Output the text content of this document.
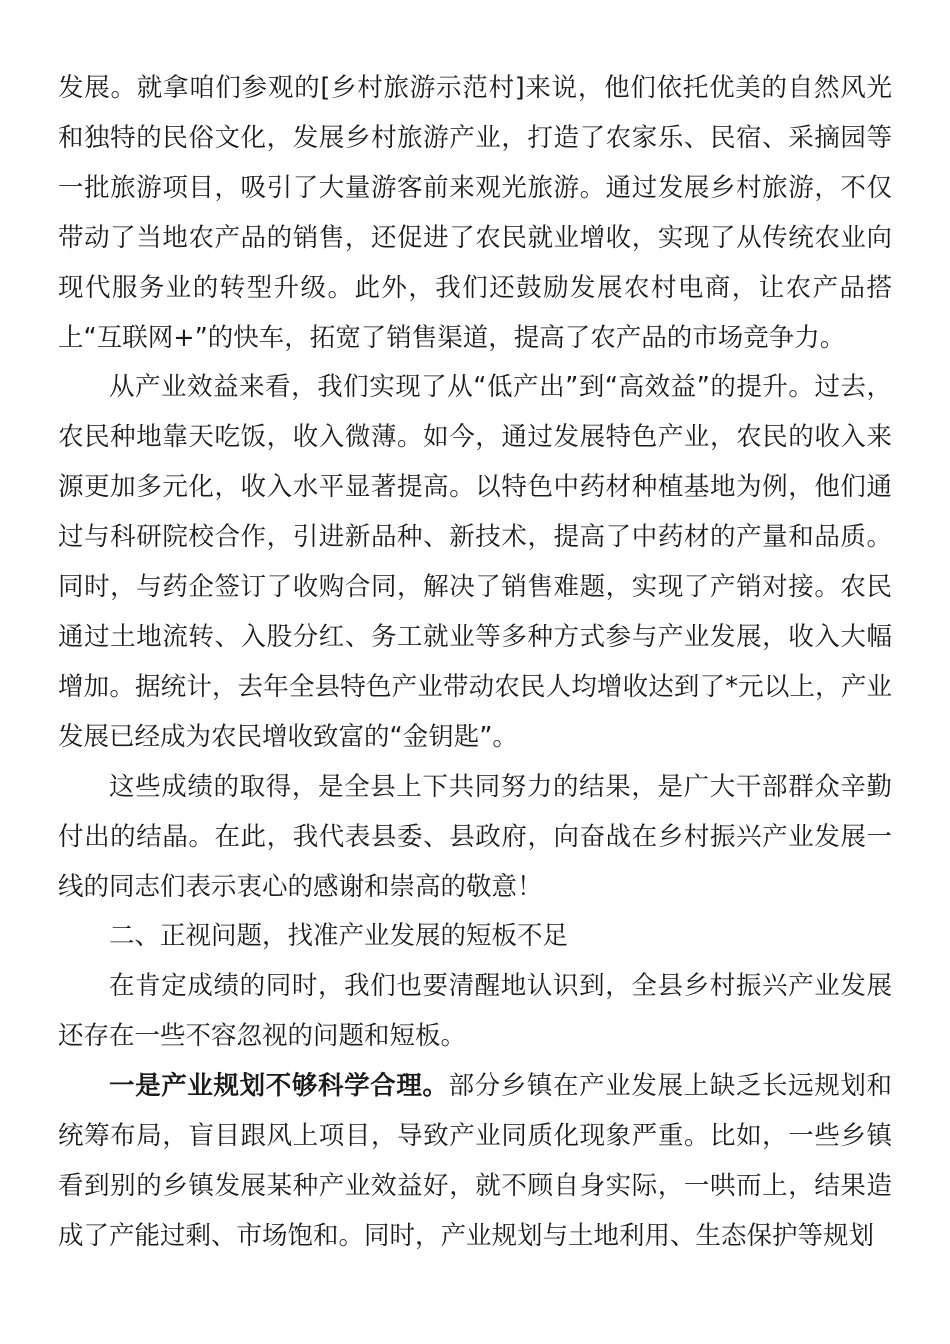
发展。就拿咱们参观的[乡村旅游示范村]来说，他们依托优美的自然风光和独特的民俗文化，发展乡村旅游产业，打造了农家乐、民宿、采摘园等一批旅游项目，吸引了大量游客前来观光旅游。通过发展乡村旅游，不仅带动了当地农产品的销售，还促进了农民就业增收，实现了从传统农业向现代服务业的转型升级。此外，我们还鼓励发展农村电商，让农产品搭上“互联网+”的快车，拓宽了销售渠道，提高了农产品的市场竞争力。

从产业效益来看，我们实现了从“低产出”到“高效益”的提升。过去，农民种地靠天吃饭，收入微薄。如今，通过发展特色产业，农民的收入来源更加多元化，收入水平显著提高。以特色中药材种植基地为例，他们通过与科研院校合作，引进新品种、新技术，提高了中药材的产量和品质。同时，与药企签订了收购合同，解决了销售难题，实现了产销对接。农民通过土地流转、入股分红、务工就业等多种方式参与产业发展，收入大幅增加。据统计，去年全县特色产业带动农民人均增收达到了*元以上，产业发展已经成为农民增收致富的“金钥匙”。

这些成绩的取得，是全县上下共同努力的结果，是广大干部群众辛勤付出的结晶。在此，我代表县委、县政府，向奋战在乡村振兴产业发展一线的同志们表示衷心的感谢和崇高的敬意！

二、正视问题，找准产业发展的短板不足

在肯定成绩的同时，我们也要清醒地认识到，全县乡村振兴产业发展还存在一些不容忽视的问题和短板。

一是产业规划不够科学合理。部分乡镇在产业发展上缺乏长远规划和统筹布局，盲目跟风上项目，导致产业同质化现象严重。比如，一些乡镇看到别的乡镇发展某种产业效益好，就不顾自身实际，一哄而上，结果造成了产能过剩、市场饱和。同时，产业规划与土地利用、生态保护等规划
